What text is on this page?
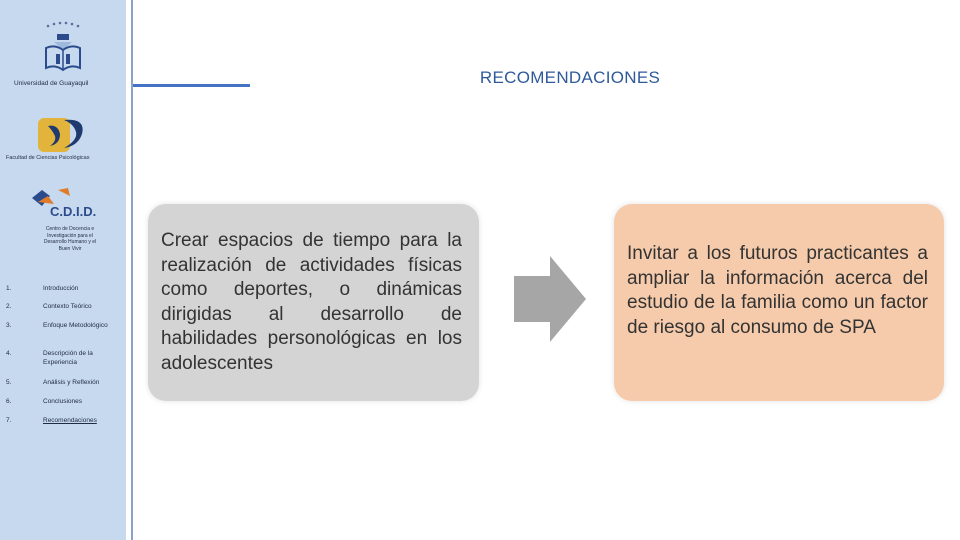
Universidad de Guayaquil
Facultad de Ciencias Psicológicas
C.D.I.D.
Centro de Docencia e Investigación para el Desarrollo Humano y el Buen Vivir
1.	Introducción
2.	Contexto Teórico
3.	Enfoque Metodológico
4.	Descripción de la Experiencia
5.	Análisis y Reflexión
6.	Conclusiones
7.	Recomendaciones
RECOMENDACIONES
Crear espacios de tiempo para la realización de actividades físicas como deportes, o dinámicas dirigidas al desarrollo de habilidades personológicas en los adolescentes
Invitar a los futuros practicantes a ampliar la información acerca del estudio de la familia como un factor de riesgo al consumo de SPA
